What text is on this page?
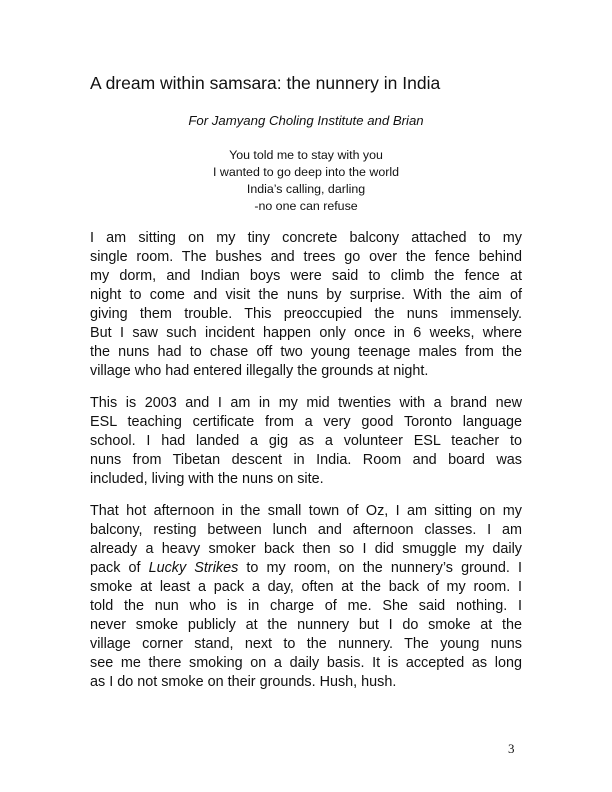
A dream within samsara: the nunnery in India

For Jamyang Choling Institute and Brian

You told me to stay with you
I wanted to go deep into the world
India’s calling, darling
-no one can refuse

I am sitting on my tiny concrete balcony attached to my
single room. The bushes and trees go over the fence behind
my dorm, and Indian boys were said to climb the fence at
night to come and visit the nuns by surprise. With the aim of
giving them trouble. This preoccupied the nuns immensely.
But I saw such incident happen only once in 6 weeks, where
the nuns had to chase off two young teenage males from the
village who had entered illegally the grounds at night.

This is 2003 and I am in my mid twenties with a brand new
ESL teaching certificate from a very good Toronto language
school. I had landed a gig as a volunteer ESL teacher to
nuns from Tibetan descent in India. Room and board was
included, living with the nuns on site.

That hot afternoon in the small town of Oz, I am sitting on my
balcony, resting between lunch and afternoon classes. I am
already a heavy smoker back then so I did smuggle my daily
pack of Lucky Strikes to my room, on the nunnery’s ground. I
smoke at least a pack a day, often at the back of my room. I
told the nun who is in charge of me. She said nothing. I
never smoke publicly at the nunnery but I do smoke at the
village corner stand, next to the nunnery. The young nuns
see me there smoking on a daily basis. It is accepted as long
as I do not smoke on their grounds. Hush, hush.

3
